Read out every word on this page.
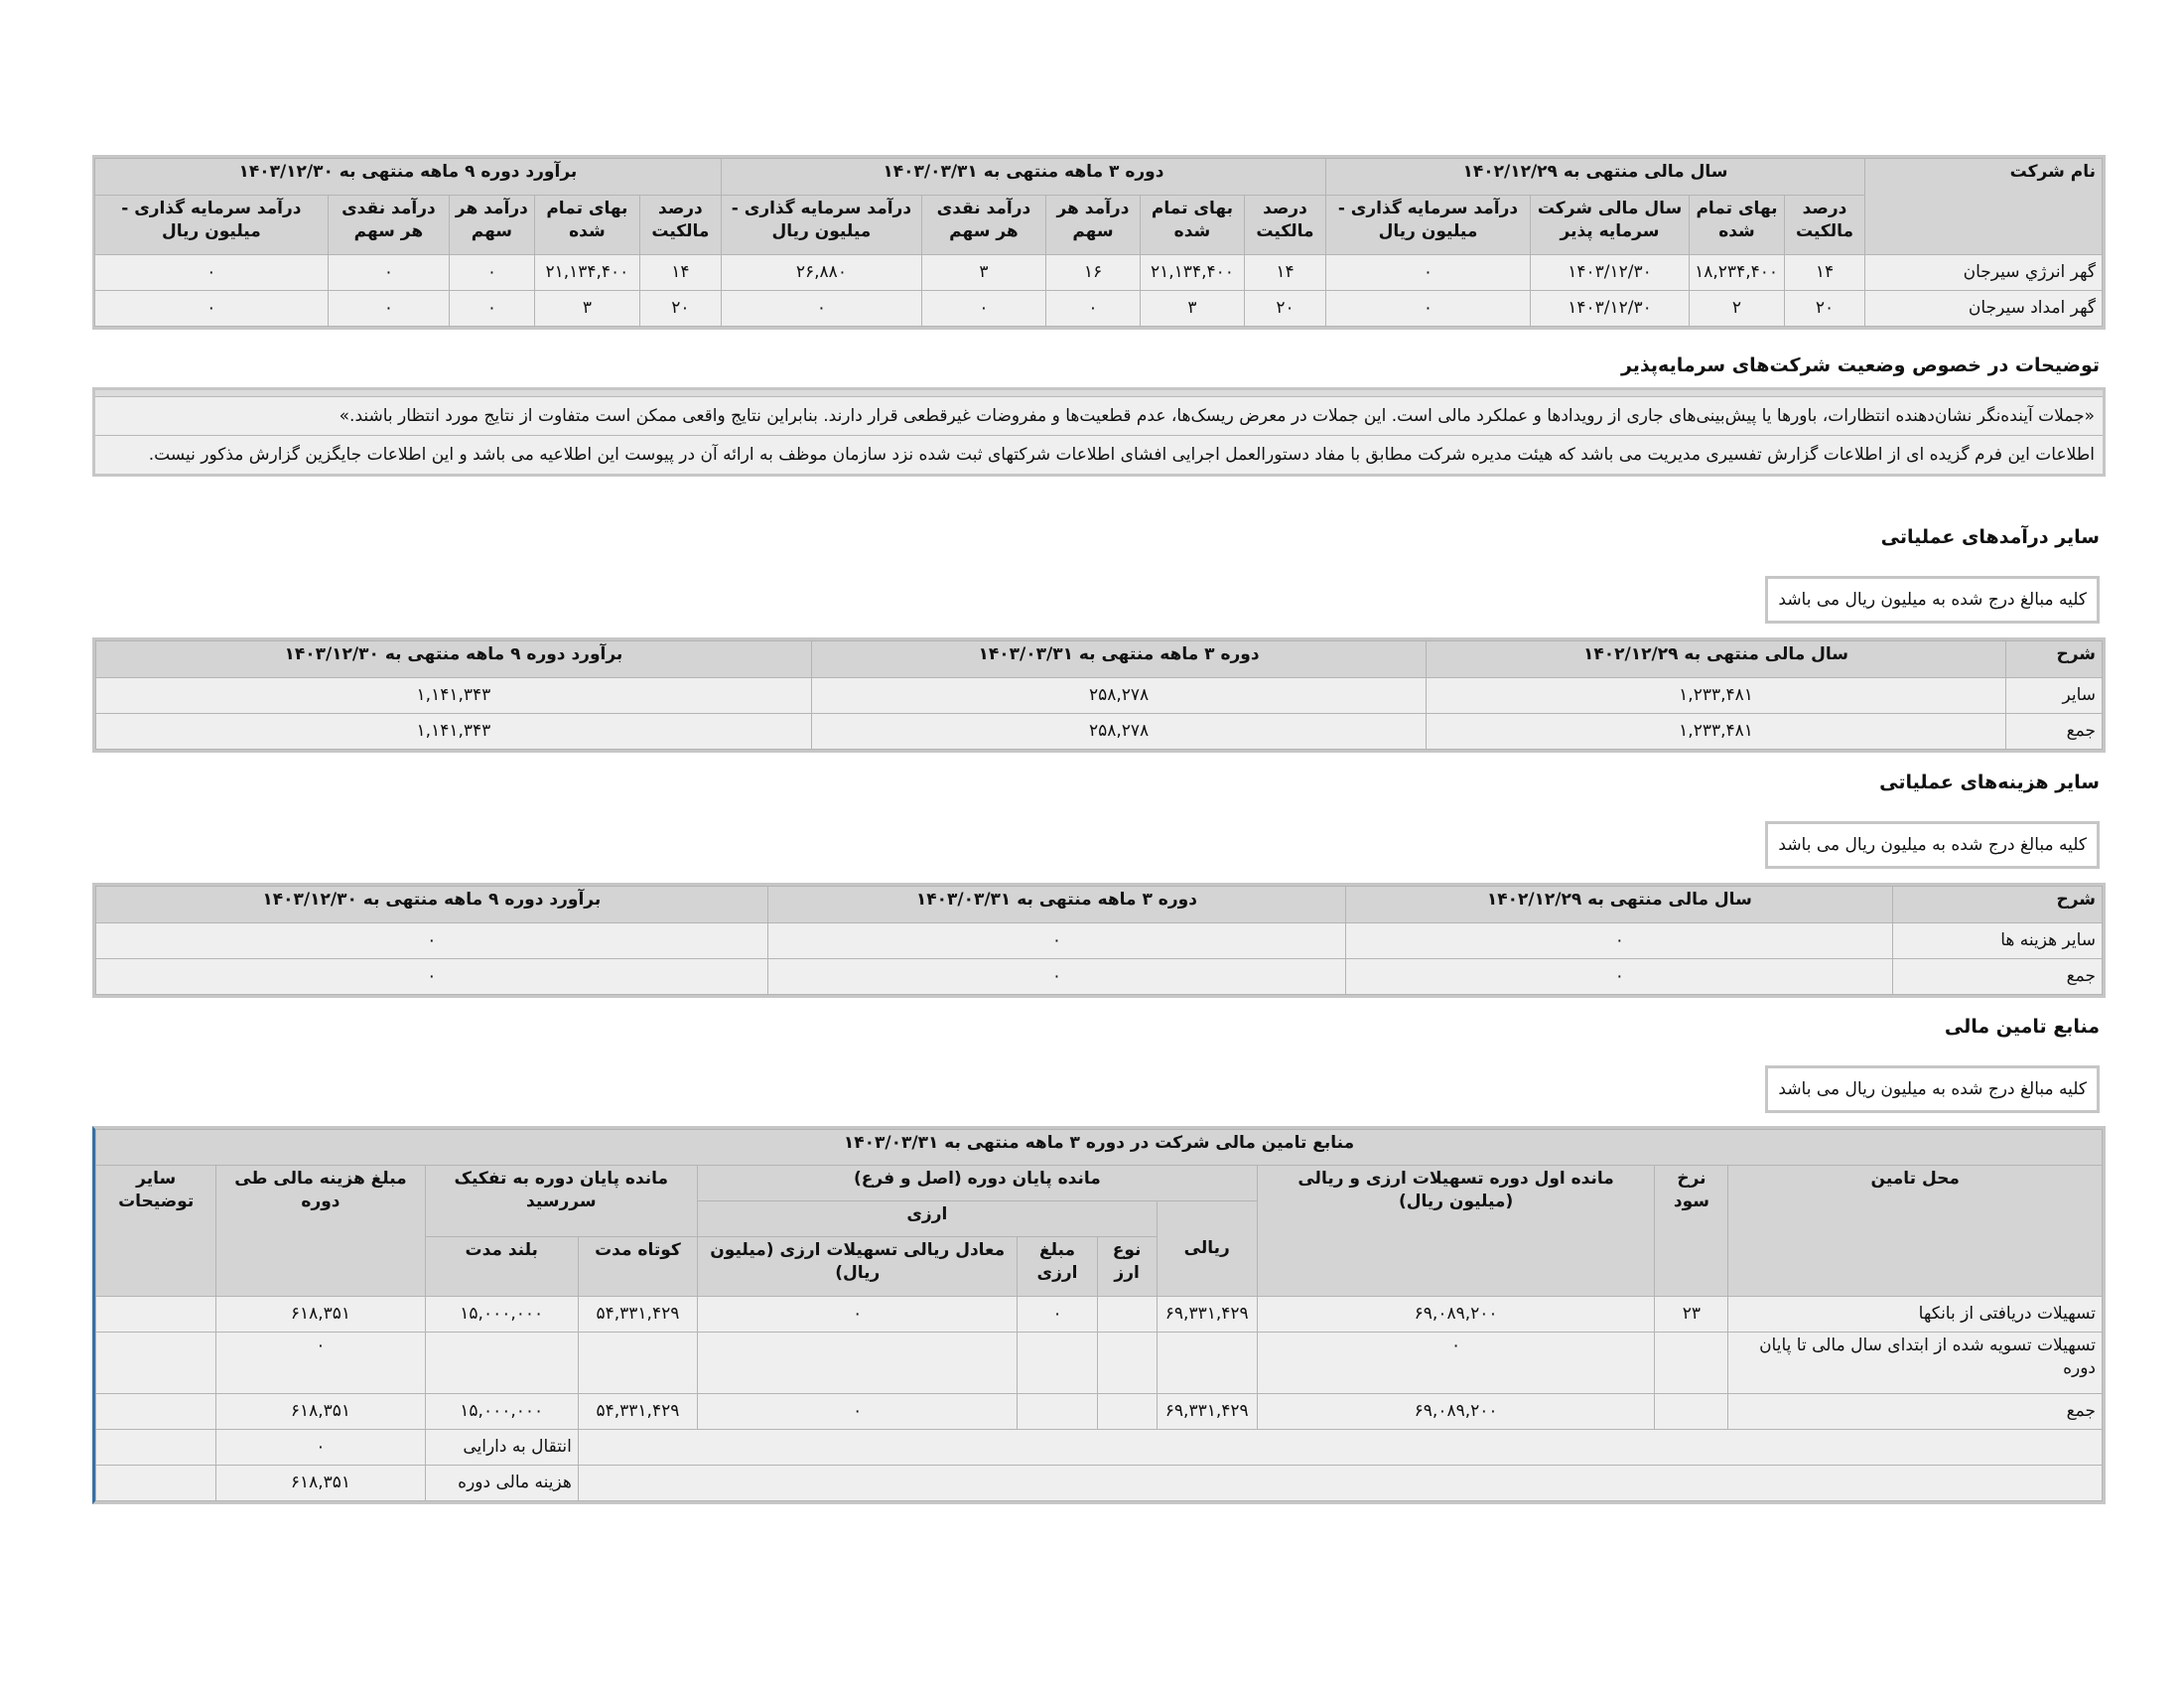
نام شرکت	سال مالی منتهی به ۱۴۰۲/۱۲/۲۹				دوره ۳ ماهه منتهی به ۱۴۰۳/۰۳/۳۱					برآورد دوره ۹ ماهه منتهی به ۱۴۰۳/۱۲/۳۰				
	درصد مالکیت	بهای تمام شده	سال مالی شرکت سرمایه پذیر	درآمد سرمایه گذاری - میلیون ریال	درصد مالکیت	بهای تمام شده	درآمد هر سهم	درآمد نقدی هر سهم	درآمد سرمایه گذاری - میلیون ریال	درصد مالکیت	بهای تمام شده	درآمد هر سهم	درآمد نقدی هر سهم	درآمد سرمایه گذاری - میلیون ریال
گهر انرژي سيرجان	۱۴	۱۸,۲۳۴,۴۰۰	۱۴۰۳/۱۲/۳۰	۰	۱۴	۲۱,۱۳۴,۴۰۰	۱۶	۳	۲۶,۸۸۰	۱۴	۲۱,۱۳۴,۴۰۰	۰	۰	۰
گهر امداد سيرجان	۲۰	۲	۱۴۰۳/۱۲/۳۰	۰	۲۰	۳	۰	۰	۰	۲۰	۳	۰	۰	۰
توضیحات در خصوص وضعیت شرکت‌های سرمایه‌پذیر
«جملات آینده‌نگر نشان‌دهنده انتظارات، باورها یا پیش‌بینی‌های جاری از رویدادها و عملکرد مالی است. این جملات در معرض ریسک‌ها، عدم قطعیت‌ها و مفروضات غیرقطعی قرار دارند. بنابراین نتایج واقعی ممکن است متفاوت از نتایج مورد انتظار باشند.»
اطلاعات این فرم گزیده ای از اطلاعات گزارش تفسیری مدیریت می باشد که هیئت مدیره شرکت مطابق با مفاد دستورالعمل اجرایی افشای اطلاعات شرکتهای ثبت شده نزد سازمان موظف به ارائه آن در پیوست این اطلاعیه می باشد و این اطلاعات جایگزین گزارش مذکور نیست.
سایر درآمدهای عملیاتی
کلیه مبالغ درج شده به میلیون ریال می باشد
شرح	سال مالی منتهی به ۱۴۰۲/۱۲/۲۹	دوره ۳ ماهه منتهی به ۱۴۰۳/۰۳/۳۱	برآورد دوره ۹ ماهه منتهی به ۱۴۰۳/۱۲/۳۰
سایر	۱,۲۳۳,۴۸۱	۲۵۸,۲۷۸	۱,۱۴۱,۳۴۳
جمع	۱,۲۳۳,۴۸۱	۲۵۸,۲۷۸	۱,۱۴۱,۳۴۳
سایر هزینه‌های عملیاتی
کلیه مبالغ درج شده به میلیون ریال می باشد
شرح	سال مالی منتهی به ۱۴۰۲/۱۲/۲۹	دوره ۳ ماهه منتهی به ۱۴۰۳/۰۳/۳۱	برآورد دوره ۹ ماهه منتهی به ۱۴۰۳/۱۲/۳۰
سایر هزینه ها	۰	۰	۰
جمع	۰	۰	۰
منابع تامین مالی
کلیه مبالغ درج شده به میلیون ریال می باشد
منابع تامین مالی شرکت در دوره ۳ ماهه منتهی به ۱۴۰۳/۰۳/۳۱										
محل تامین	نرخ سود	مانده اول دوره تسهیلات ارزی و ریالی (میلیون ریال)	مانده پایان دوره (اصل و فرع)				مانده پایان دوره به تفکیک سررسید		مبلغ هزینه مالی طی دوره	سایر توضیحات
			ریالی	ارزی						
				نوع ارز	مبلغ ارزی	معادل ریالی تسهیلات ارزی (میلیون ریال)	کوتاه مدت	بلند مدت		
تسهیلات دریافتی از بانکها	۲۳	۶۹,۰۸۹,۲۰۰	۶۹,۳۳۱,۴۲۹		۰	۰	۵۴,۳۳۱,۴۲۹	۱۵,۰۰۰,۰۰۰	۶۱۸,۳۵۱	
تسهیلات تسویه شده از ابتدای سال مالی تا پایان دوره		۰							۰	
جمع		۶۹,۰۸۹,۲۰۰	۶۹,۳۳۱,۴۲۹			۰	۵۴,۳۳۱,۴۲۹	۱۵,۰۰۰,۰۰۰	۶۱۸,۳۵۱	
								انتقال به دارایی	۰	
								هزینه مالی دوره	۶۱۸,۳۵۱	
